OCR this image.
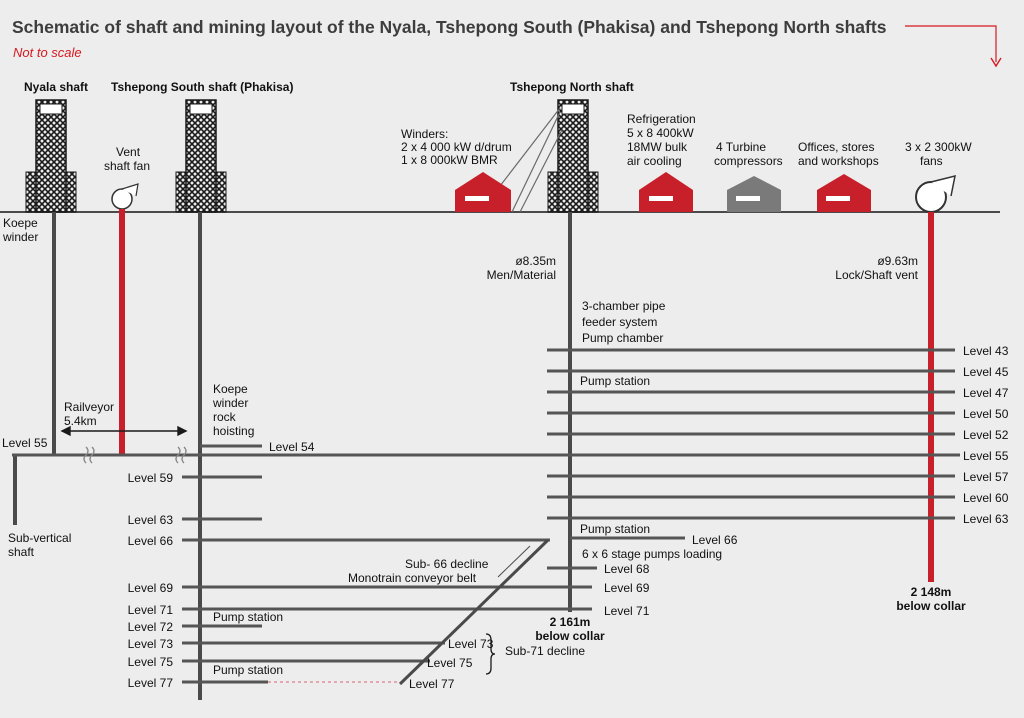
Schematic of shaft and mining layout of the Nyala, Tshepong South (Phakisa) and Tshepong North shafts
Not to scale
Nyala shaft Tshepong South shaft (Phakisa)	Tshepong North shaft
Koepe winder
Vent shaft fan
Winders: 2 x 4 000 kW d/drum 1 x 8 000kW BMR
Refrigeration 5 x 8 400kW 18MW bulk air cooling
4 Turbine compressors
Offices, stores and workshops
3 x 2 300kW fans
ø8.35m Men/Material
ø9.63m Lock/Shaft vent
3-chamber pipe feeder system Pump chamber
Railveyor 5.4km
Koepe winder rock hoisting
Sub-vertical shaft
Pump station
Pump station
Pump station
Pump station
Sub- 66 decline
Monotrain conveyor belt
6 x 6 stage pumps loading
Sub-71 decline
2 161m below collar
2 148m below collar
Level 55	Level 54
Level 59
Level 63
Level 66
Level 69
Level 71
Level 72
Level 73
Level 75
Level 77
Level 43
Level 45
Level 47
Level 50
Level 52
Level 55
Level 57
Level 60
Level 63
Level 66
Level 68
Level 69
Level 71
Level 73
Level 75
Level 77
